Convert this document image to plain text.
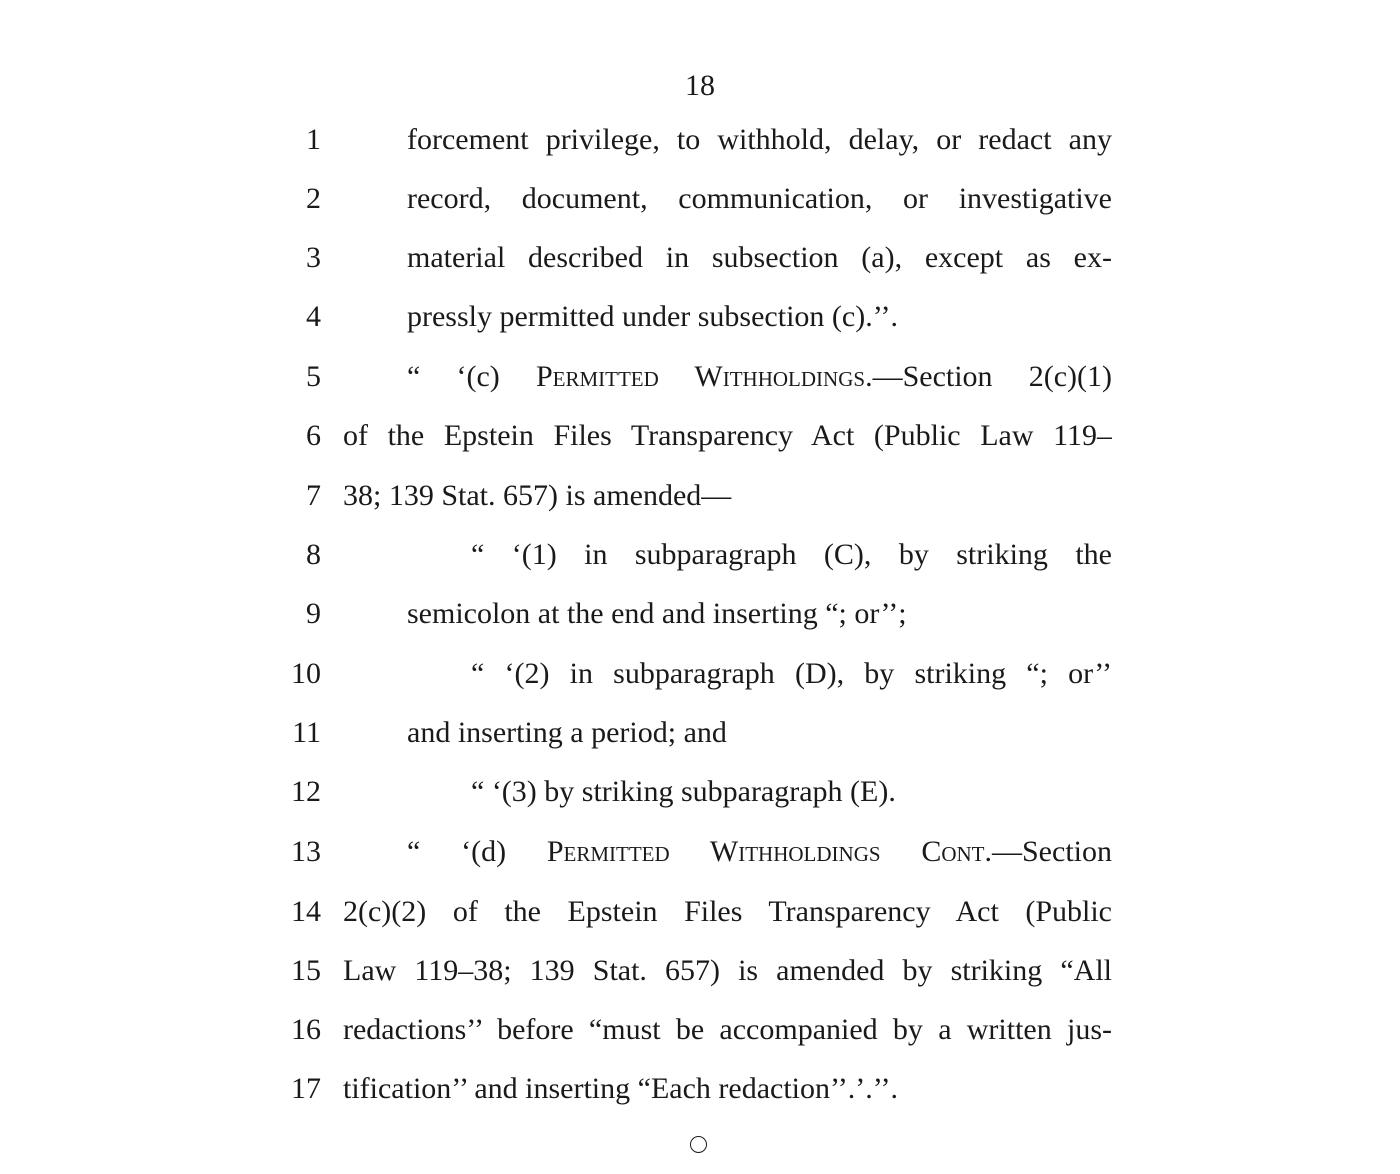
18
1	forcement privilege, to withhold, delay, or redact any
2	record, document, communication, or investigative
3	material described in subsection (a), except as ex-
4	pressly permitted under subsection (c).’’.
5	“ ‘(c) Permitted Withholdings.—Section 2(c)(1)
6 of the Epstein Files Transparency Act (Public Law 119–
7 38; 139 Stat. 657) is amended—
8	“ ‘(1) in subparagraph (C), by striking the
9	semicolon at the end and inserting “; or’’;
10	“ ‘(2) in subparagraph (D), by striking “; or’’
11	and inserting a period; and
12	“ ‘(3) by striking subparagraph (E).
13	“ ‘(d) Permitted Withholdings Cont.—Section
14 2(c)(2) of the Epstein Files Transparency Act (Public
15 Law 119–38; 139 Stat. 657) is amended by striking “All
16 redactions’’ before “must be accompanied by a written jus-
17 tification’’ and inserting “Each redaction’’.’.’’.
